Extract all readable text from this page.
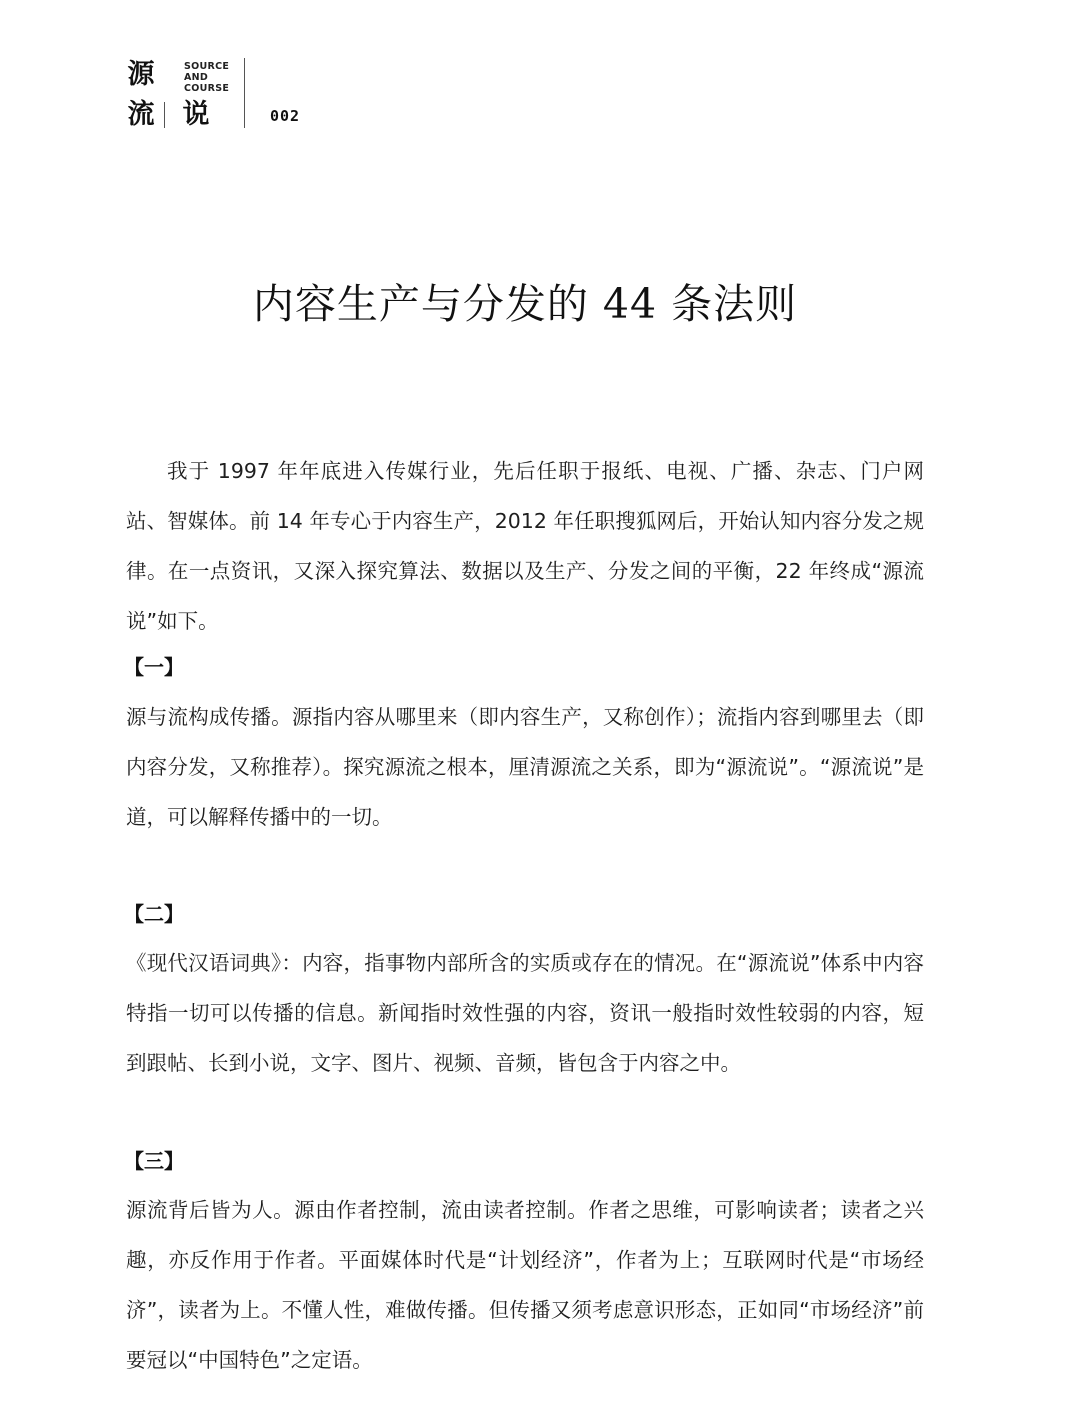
源
流
SOURCE
AND
COURSE
说	002
内容生产与分发的 44 条法则

我于 1997 年年底进入传媒行业，先后任职于报纸、电视、广播、杂志、门户网站、智媒体。前 14 年专心于内容生产，2012 年任职搜狐网后，开始认知内容分发之规律。在一点资讯，又深入探究算法、数据以及生产、分发之间的平衡，22 年终成“源流说”如下。

【一】

源与流构成传播。源指内容从哪里来（即内容生产，又称创作）；流指内容到哪里去（即内容分发，又称推荐）。探究源流之根本，厘清源流之关系，即为“源流说”。“源流说”是道，可以解释传播中的一切。

【二】

《现代汉语词典》：内容，指事物内部所含的实质或存在的情况。在“源流说”体系中内容特指一切可以传播的信息。新闻指时效性强的内容，资讯一般指时效性较弱的内容，短到跟帖、长到小说，文字、图片、视频、音频，皆包含于内容之中。

【三】

源流背后皆为人。源由作者控制，流由读者控制。作者之思维，可影响读者；读者之兴趣，亦反作用于作者。平面媒体时代是“计划经济”，作者为上；互联网时代是“市场经济”，读者为上。不懂人性，难做传播。但传播又须考虑意识形态，正如同“市场经济”前要冠以“中国特色”之定语。
